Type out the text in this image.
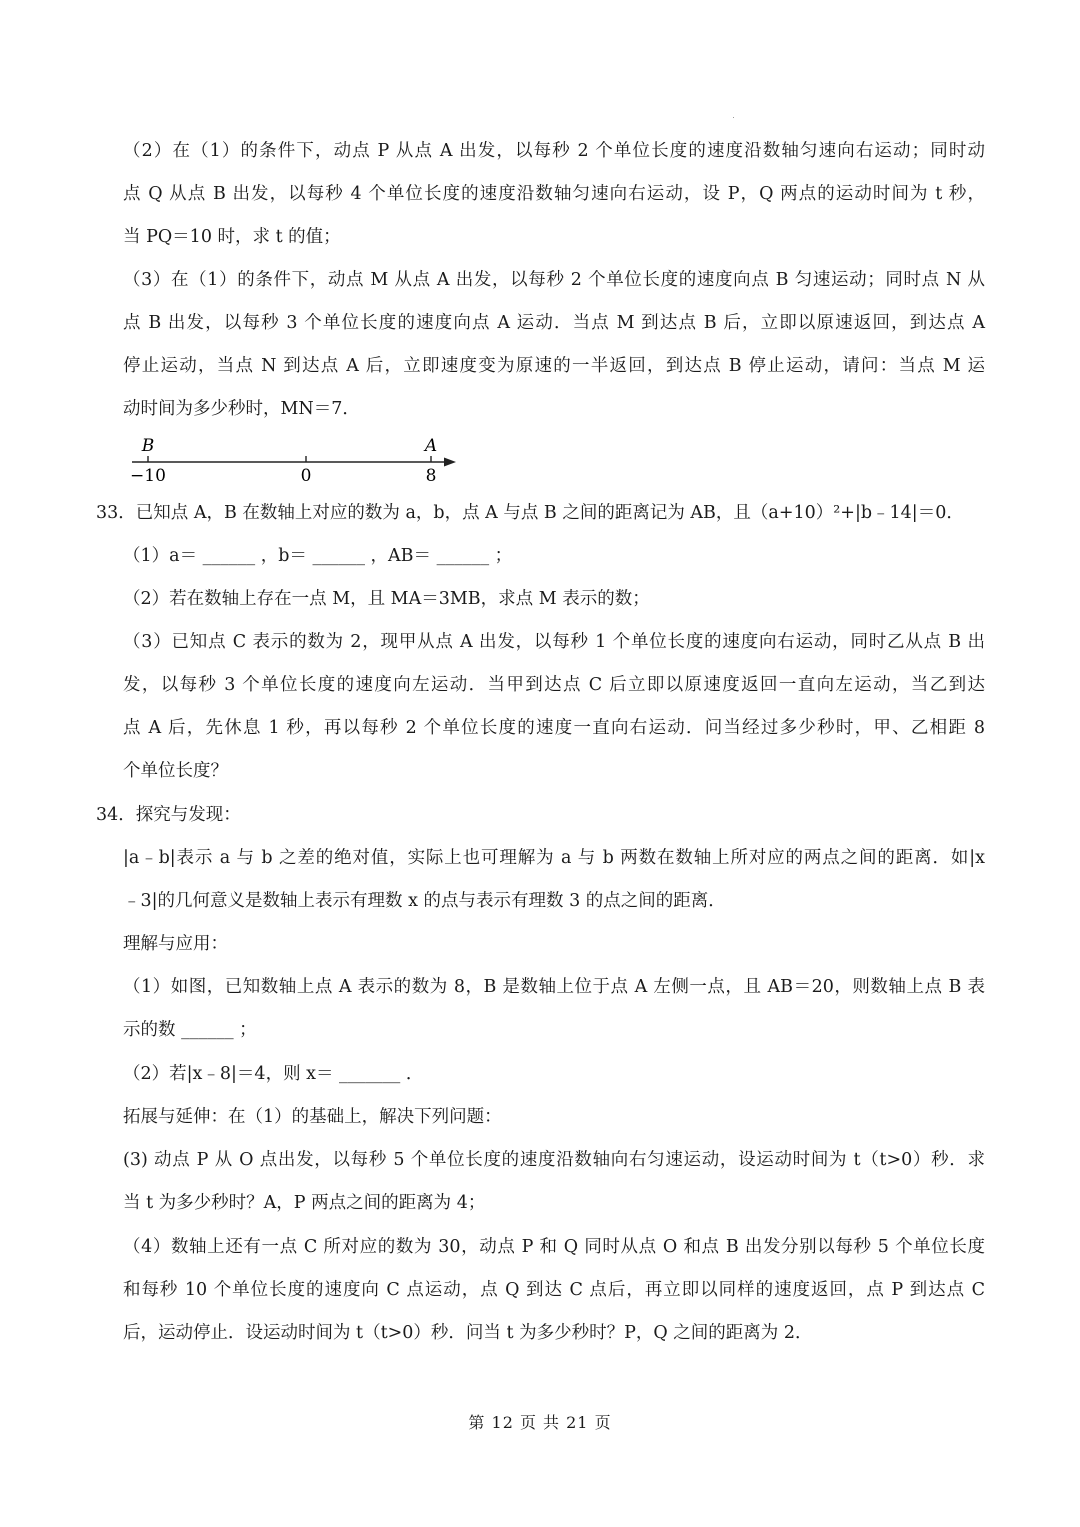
（2）在（1）的条件下，动点 P 从点 A 出发，以每秒 2 个单位长度的速度沿数轴匀速向右运动；同时动
点 Q 从点 B 出发，以每秒 4 个单位长度的速度沿数轴匀速向右运动，设 P，Q 两点的运动时间为 t 秒，
当 PQ＝10 时，求 t 的值；
（3）在（1）的条件下，动点 M 从点 A 出发，以每秒 2 个单位长度的速度向点 B 匀速运动；同时点 N 从
点 B 出发，以每秒 3 个单位长度的速度向点 A 运动．当点 M 到达点 B 后，立即以原速返回，到达点 A
停止运动，当点 N 到达点 A 后，立即速度变为原速的一半返回，到达点 B 停止运动，请问：当点 M 运
动时间为多少秒时，MN＝7．
B	A
−10	0	8
33．已知点 A，B 在数轴上对应的数为 a，b，点 A 与点 B 之间的距离记为 AB，且（a+10）²+|b﹣14|＝0．
（1）a＝ ______ ，b＝ ______ ，AB＝ ______ ；
（2）若在数轴上存在一点 M，且 MA＝3MB，求点 M 表示的数；
（3）已知点 C 表示的数为 2，现甲从点 A 出发，以每秒 1 个单位长度的速度向右运动，同时乙从点 B 出
发，以每秒 3 个单位长度的速度向左运动．当甲到达点 C 后立即以原速度返回一直向左运动，当乙到达
点 A 后，先休息 1 秒，再以每秒 2 个单位长度的速度一直向右运动．问当经过多少秒时，甲、乙相距 8
个单位长度？
34．探究与发现：
|a﹣b|表示 a 与 b 之差的绝对值，实际上也可理解为 a 与 b 两数在数轴上所对应的两点之间的距离．如|x
﹣3|的几何意义是数轴上表示有理数 x 的点与表示有理数 3 的点之间的距离．
理解与应用：
（1）如图，已知数轴上点 A 表示的数为 8，B 是数轴上位于点 A 左侧一点，且 AB＝20，则数轴上点 B 表
示的数 ______ ；
（2）若|x﹣8|＝4，则 x＝ _______ ．
拓展与延伸：在（1）的基础上，解决下列问题：
(3) 动点 P 从 O 点出发，以每秒 5 个单位长度的速度沿数轴向右匀速运动，设运动时间为 t（t>0）秒．求
当 t 为多少秒时？A，P 两点之间的距离为 4；
（4）数轴上还有一点 C 所对应的数为 30，动点 P 和 Q 同时从点 O 和点 B 出发分别以每秒 5 个单位长度
和每秒 10 个单位长度的速度向 C 点运动，点 Q 到达 C 点后，再立即以同样的速度返回，点 P 到达点 C
后，运动停止．设运动时间为 t（t>0）秒．问当 t 为多少秒时？P，Q 之间的距离为 2．
第 12 页 共 21 页
